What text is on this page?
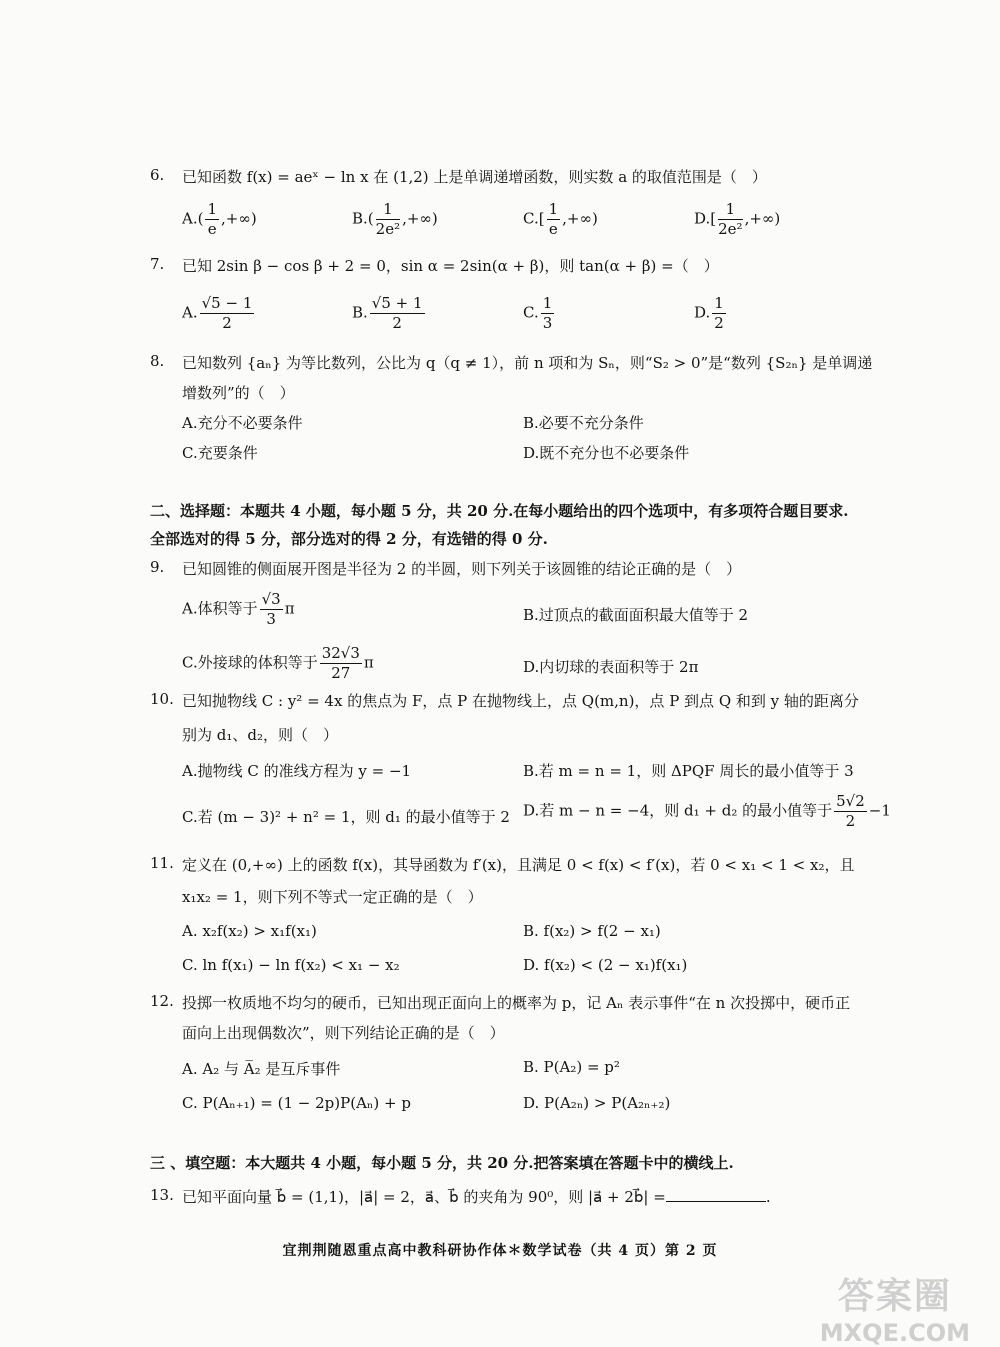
6. 已知函数 f(x) = aeˣ − ln x 在 (1,2) 上是单调递增函数，则实数 a 的取值范围是（　）
$A.( \frac{1}{e}$ ,+∞)	$B.( \frac{1}{\text{2e²}}$ ,+∞)	$C.[ \frac{1}{e}$ ,+∞)	$D.[ \frac{1}{\text{2e²}}$ ,+∞)
7. 已知 2sin β − cos β + 2 = 0，sin α = 2sin(α + β)，则 tan(α + β) =（　）
A. $\frac{√5 - 1}{2}$	B. $\frac{√5 + 1}{2}$	C. $\frac{1}{3}$	D. $\frac{1}{2}$
8. 已知数列 {aₙ} 为等比数列，公比为 q（q ≠ 1），前 n 项和为 Sₙ，则“S₂ > 0”是“数列 {S₂ₙ} 是单调递
增数列”的（　）
A.充分不必要条件	B.必要不充分条件
C.充要条件	D.既不充分也不必要条件
二、选择题：本题共 4 小题，每小题 5 分，共 20 分.在每小题给出的四个选项中，有多项符合题目要求.
全部选对的得 5 分，部分选对的得 2 分，有选错的得 0 分.
9. 已知圆锥的侧面展开图是半径为 2 的半圆，则下列关于该圆锥的结论正确的是（　）
A.体积等于 $\frac{√3}{3}$ π	B.过顶点的截面面积最大值等于 2
C.外接球的体积等于 $\frac{32√3}{27}$ π	D.内切球的表面积等于 2π
10. 已知抛物线 C : y² = 4x 的焦点为 F，点 P 在抛物线上，点 Q(m,n)，点 P 到点 Q 和到 y 轴的距离分
别为 d₁、d₂，则（　）
A.抛物线 C 的准线方程为 y = −1	B.若 m = n = 1，则 ΔPQF 周长的最小值等于 3
C.若 (m − 3)² + n² = 1，则 d₁ 的最小值等于 2 D.若 m − n = −4，则 d₁ + d₂ 的最小值等于 $\frac{5√2}{2} -1$
11. 定义在 (0,+∞) 上的函数 f(x)，其导函数为 f′(x)，且满足 0 < f(x) < f′(x)，若 0 < x₁ < 1 < x₂，且
x₁x₂ = 1，则下列不等式一定正确的是（　）
A. x₂f(x₂) > x₁f(x₁)	B. f(x₂) > f(2 − x₁)
C. ln f(x₁) − ln f(x₂) < x₁ − x₂	D. f(x₂) < (2 − x₁)f(x₁)
12. 投掷一枚质地不均匀的硬币，已知出现正面向上的概率为 p，记 Aₙ 表示事件“在 n 次投掷中，硬币正
面向上出现偶数次”，则下列结论正确的是（　）
A. A₂ 与 A̅₂ 是互斥事件	B. P(A₂) = p²
C. P(Aₙ₊₁) = (1 − 2p)P(Aₙ) + p	D. P(A₂ₙ) > P(A₂ₙ₊₂)
三 、填空题：本大题共 4 小题，每小题 5 分，共 20 分.把答案填在答题卡中的横线上.
13. 已知平面向量 b⃗ = (1,1)，|a⃗| = 2，a⃗、b⃗ 的夹角为 90⁰，则 |a⃗ + 2b⃗| =	.
宜荆荆随恩重点高中教科研协作体＊数学试卷（共 4 页）第 2 页
答案圈
MXQE.COM
